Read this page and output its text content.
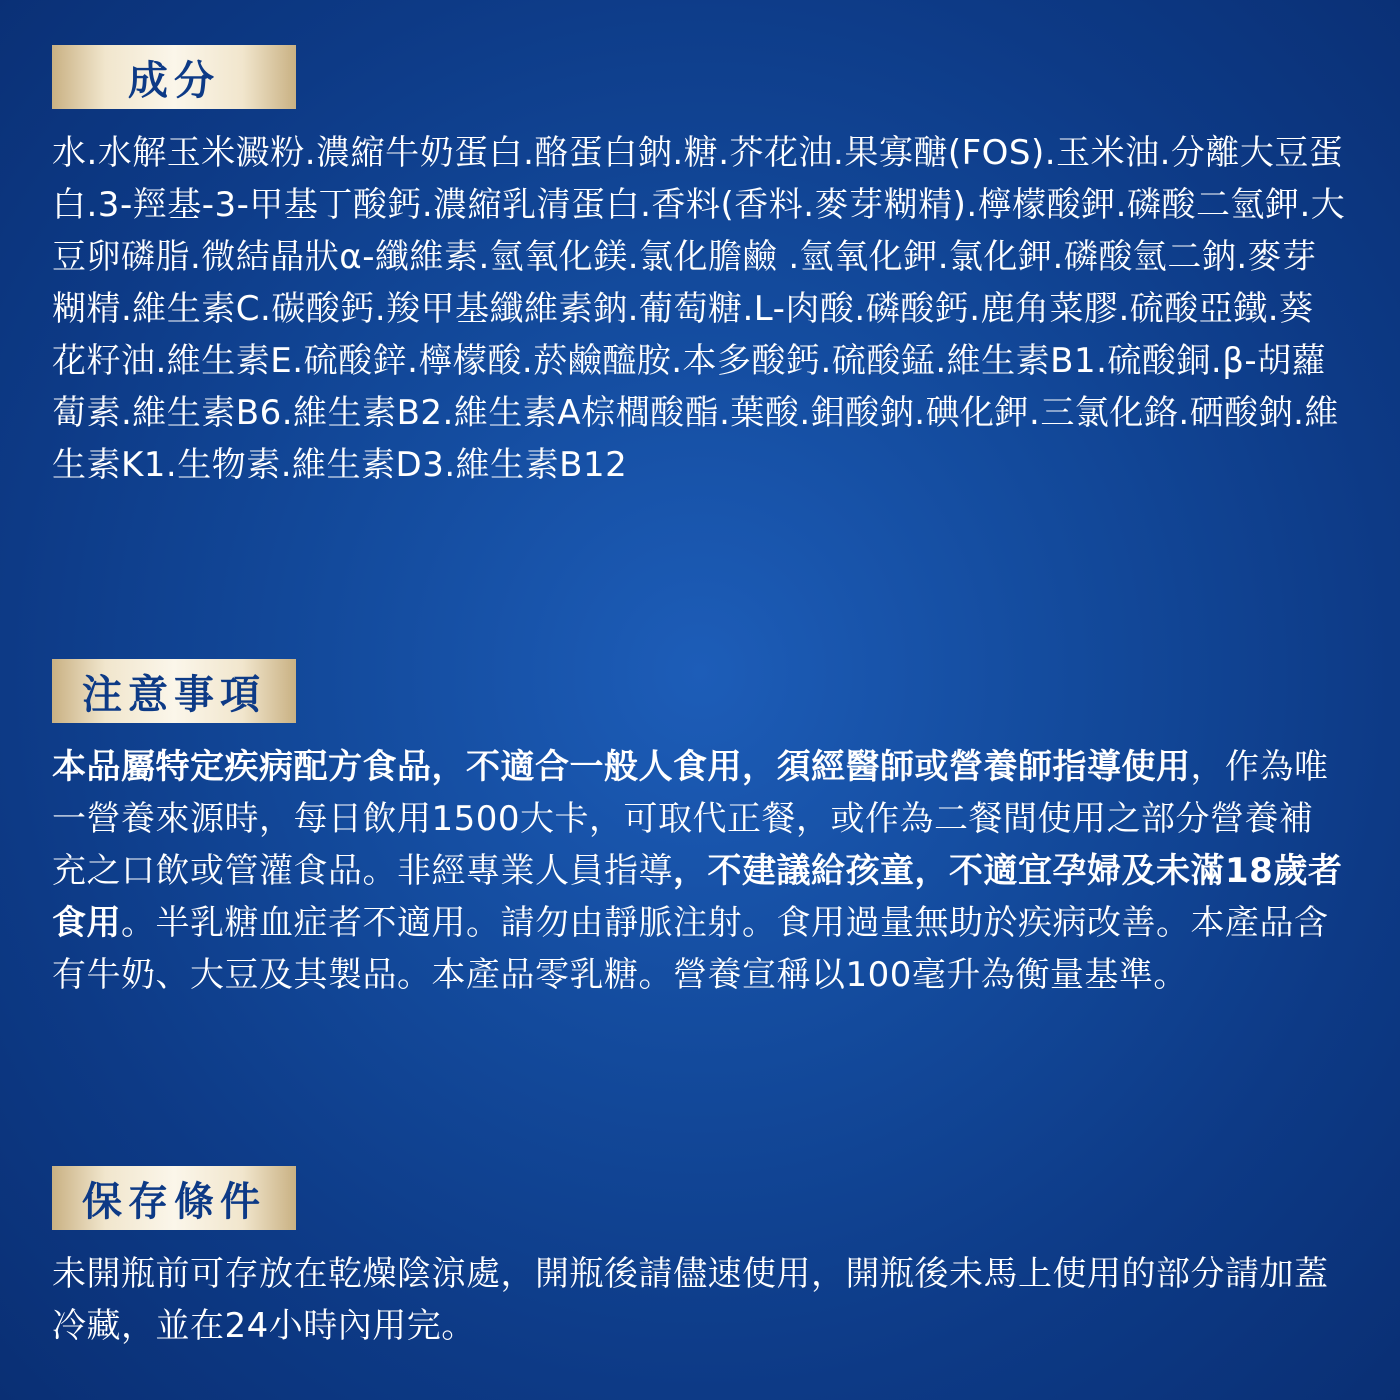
成分
水.水解玉米澱粉.濃縮牛奶蛋白.酪蛋白鈉.糖.芥花油.果寡醣(FOS).玉米油.分離大豆蛋白.3-羥基-3-甲基丁酸鈣.濃縮乳清蛋白.香料(香料.麥芽糊精).檸檬酸鉀.磷酸二氫鉀.大豆卵磷脂.微結晶狀α-纖維素.氫氧化鎂.氯化膽鹼 .氫氧化鉀.氯化鉀.磷酸氫二鈉.麥芽糊精.維生素C.碳酸鈣.羧甲基纖維素鈉.葡萄糖.L-肉酸.磷酸鈣.鹿角菜膠.硫酸亞鐵.葵花籽油.維生素E.硫酸鋅.檸檬酸.菸鹼醯胺.本多酸鈣.硫酸錳.維生素B1.硫酸銅.β-胡蘿蔔素.維生素B6.維生素B2.維生素A棕櫚酸酯.葉酸.鉬酸鈉.碘化鉀.三氯化鉻.硒酸鈉.維生素K1.生物素.維生素D3.維生素B12
注意事項
本品屬特定疾病配方食品，不適合一般人食用，須經醫師或營養師指導使用，作為唯一營養來源時，每日飲用1500大卡，可取代正餐，或作為二餐間使用之部分營養補充之口飲或管灌食品。非經專業人員指導，不建議給孩童，不適宜孕婦及未滿18歲者食用。半乳糖血症者不適用。請勿由靜脈注射。食用過量無助於疾病改善。本產品含有牛奶、大豆及其製品。本產品零乳糖。營養宣稱以100毫升為衡量基準。
保存條件
未開瓶前可存放在乾燥陰涼處，開瓶後請儘速使用，開瓶後未馬上使用的部分請加蓋冷藏，並在24小時內用完。
